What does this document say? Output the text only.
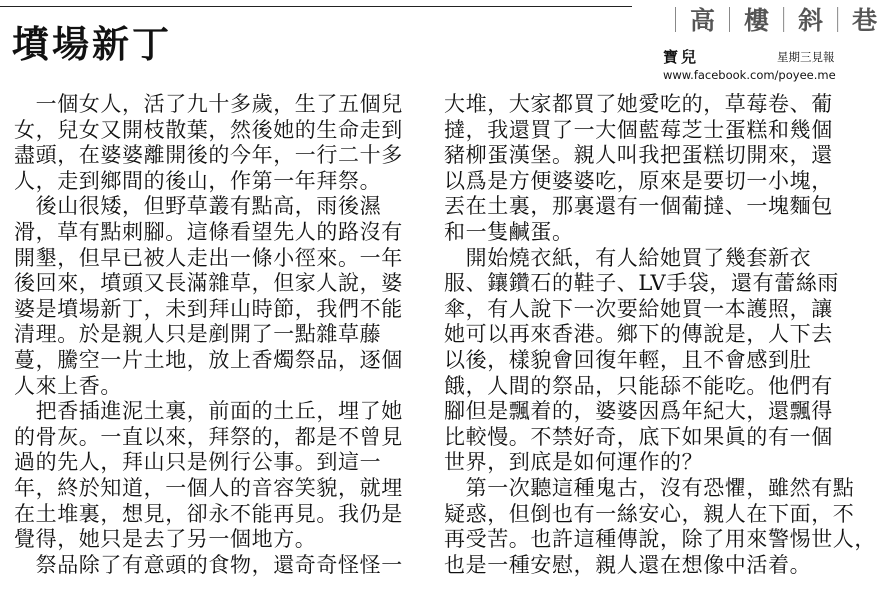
墳場新丁
｜高｜樓｜斜｜巷
寶兒	星期三見報
www.facebook.com/poyee.me
　一個女人，活了九十多歲，生了五個兒
女，兒女又開枝散葉，然後她的生命走到
盡頭，在婆婆離開後的今年，一行二十多
人，走到鄉間的後山，作第一年拜祭。
　後山很矮，但野草叢有點高，雨後濕
滑，草有點刺腳。這條看望先人的路沒有
開墾，但早已被人走出一條小徑來。一年
後回來，墳頭又長滿雜草，但家人說，婆
婆是墳場新丁，未到拜山時節，我們不能
清理。於是親人只是剷開了一點雜草藤
蔓，騰空一片土地，放上香燭祭品，逐個
人來上香。
　把香插進泥土裏，前面的土丘，埋了她
的骨灰。一直以來，拜祭的，都是不曾見
過的先人，拜山只是例行公事。到這一
年，終於知道，一個人的音容笑貌，就埋
在土堆裏，想見，卻永不能再見。我仍是
覺得，她只是去了另一個地方。
　祭品除了有意頭的食物，還奇奇怪怪一
大堆，大家都買了她愛吃的，草莓卷、葡
撻，我還買了一大個藍莓芝士蛋糕和幾個
豬柳蛋漢堡。親人叫我把蛋糕切開來，還
以爲是方便婆婆吃，原來是要切一小塊，
丟在土裏，那裏還有一個葡撻、一塊麵包
和一隻鹹蛋。
　開始燒衣紙，有人給她買了幾套新衣
服、鑲鑽石的鞋子、LV手袋，還有蕾絲雨
傘，有人說下一次要給她買一本護照，讓
她可以再來香港。鄉下的傳說是，人下去
以後，樣貌會回復年輕，且不會感到肚
餓，人間的祭品，只能舔不能吃。他們有
腳但是飄着的，婆婆因爲年紀大，還飄得
比較慢。不禁好奇，底下如果眞的有一個
世界，到底是如何運作的？
　第一次聽這種鬼古，沒有恐懼，雖然有點
疑惑，但倒也有一絲安心，親人在下面，不
再受苦。也許這種傳說，除了用來警惕世人，
也是一種安慰，親人還在想像中活着。
